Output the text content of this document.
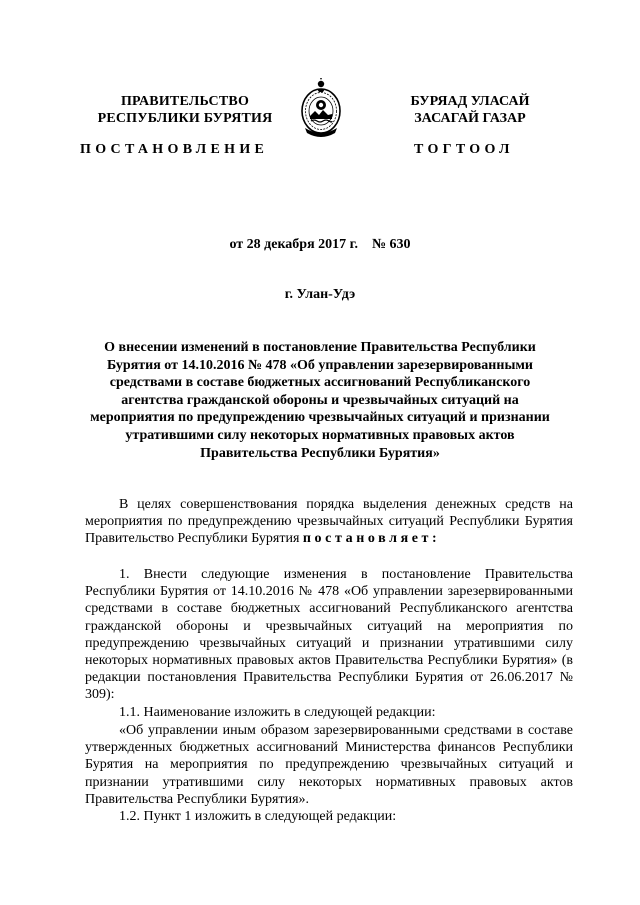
ПРАВИТЕЛЬСТВО
РЕСПУБЛИКИ БУРЯТИЯ
БУРЯАД УЛАСАЙ
ЗАСАГАЙ ГАЗАР
ПОСТАНОВЛЕНИЕ	ТОГТООЛ
от 28 декабря 2017 г. № 630
г. Улан-Удэ
О внесении изменений в постановление Правительства Республики Бурятия от 14.10.2016 № 478 «Об управлении зарезервированными средствами в составе бюджетных ассигнований Республиканского агентства гражданской обороны и чрезвычайных ситуаций на мероприятия по предупреждению чрезвычайных ситуаций и признании утратившими силу некоторых нормативных правовых актов Правительства Республики Бурятия»
В целях совершенствования порядка выделения денежных средств на мероприятия по предупреждению чрезвычайных ситуаций Республики Бурятия Правительство Республики Бурятия постановляет:
1. Внести следующие изменения в постановление Правительства Республики Бурятия от 14.10.2016 № 478 «Об управлении зарезервированными средствами в составе бюджетных ассигнований Республиканского агентства гражданской обороны и чрезвычайных ситуаций на мероприятия по предупреждению чрезвычайных ситуаций и признании утратившими силу некоторых нормативных правовых актов Правительства Республики Бурятия» (в редакции постановления Правительства Республики Бурятия от 26.06.2017 № 309):
1.1. Наименование изложить в следующей редакции:
«Об управлении иным образом зарезервированными средствами в составе утвержденных бюджетных ассигнований Министерства финансов Республики Бурятия на мероприятия по предупреждению чрезвычайных ситуаций и признании утратившими силу некоторых нормативных правовых актов Правительства Республики Бурятия».
1.2. Пункт 1 изложить в следующей редакции:
